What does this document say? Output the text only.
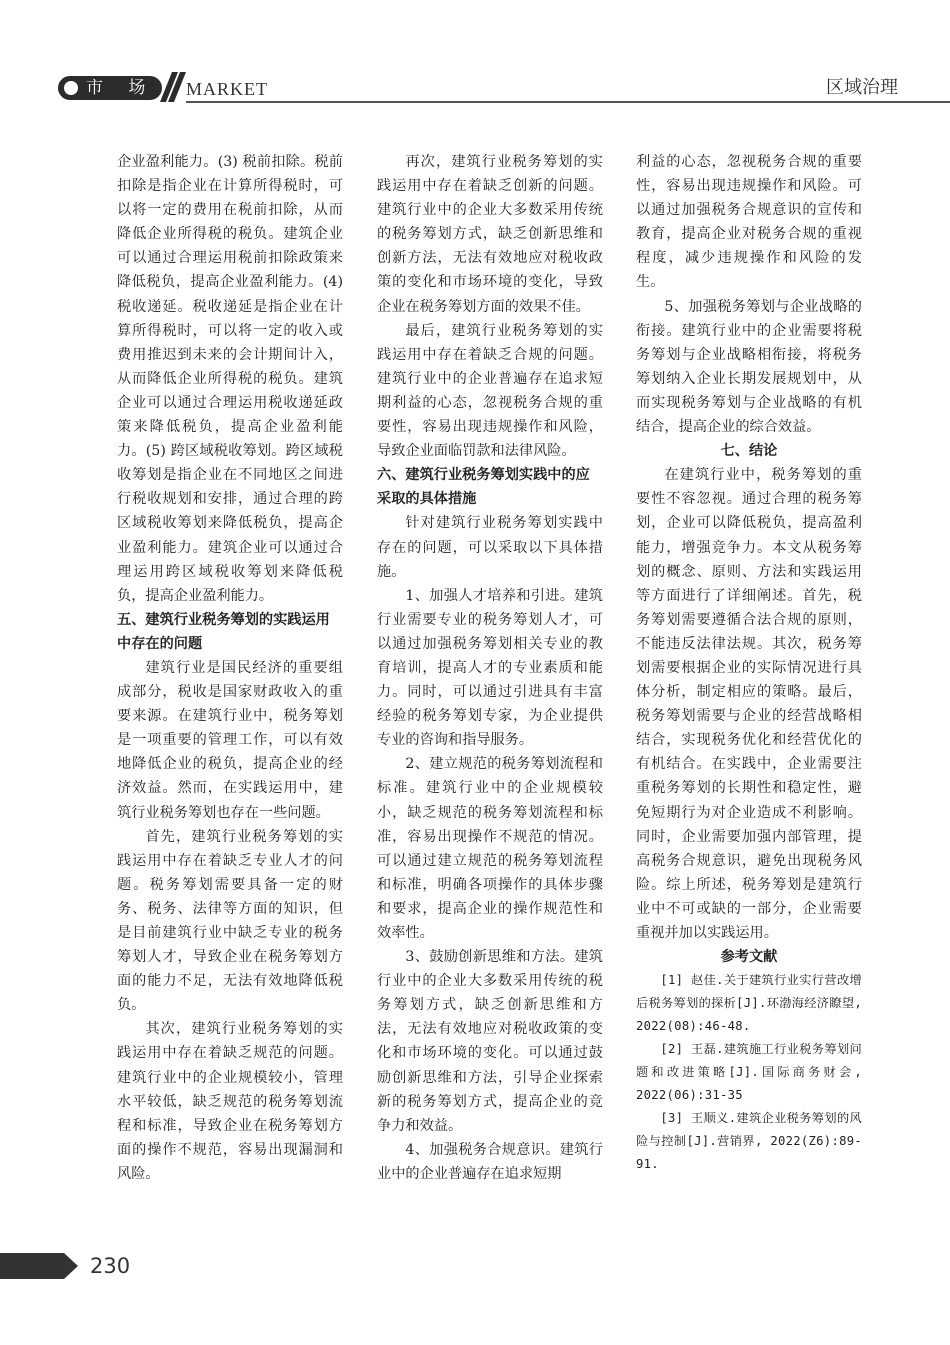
市 场 MARKET	区域治理

企业盈利能力。(3) 税前扣除。税前扣除是指企业在计算所得税时，可以将一定的费用在税前扣除，从而降低企业所得税的税负。建筑企业可以通过合理运用税前扣除政策来降低税负，提高企业盈利能力。(4) 税收递延。税收递延是指企业在计算所得税时，可以将一定的收入或费用推迟到未来的会计期间计入，从而降低企业所得税的税负。建筑企业可以通过合理运用税收递延政策来降低税负，提高企业盈利能力。(5) 跨区域税收筹划。跨区域税收筹划是指企业在不同地区之间进行税收规划和安排，通过合理的跨区域税收筹划来降低税负，提高企业盈利能力。建筑企业可以通过合理运用跨区域税收筹划来降低税负，提高企业盈利能力。

五、建筑行业税务筹划的实践运用中存在的问题

建筑行业是国民经济的重要组成部分，税收是国家财政收入的重要来源。在建筑行业中，税务筹划是一项重要的管理工作，可以有效地降低企业的税负，提高企业的经济效益。然而，在实践运用中，建筑行业税务筹划也存在一些问题。

首先，建筑行业税务筹划的实践运用中存在着缺乏专业人才的问题。税务筹划需要具备一定的财务、税务、法律等方面的知识，但是目前建筑行业中缺乏专业的税务筹划人才，导致企业在税务筹划方面的能力不足，无法有效地降低税负。

其次，建筑行业税务筹划的实践运用中存在着缺乏规范的问题。建筑行业中的企业规模较小，管理水平较低，缺乏规范的税务筹划流程和标准，导致企业在税务筹划方面的操作不规范，容易出现漏洞和风险。

再次，建筑行业税务筹划的实践运用中存在着缺乏创新的问题。建筑行业中的企业大多数采用传统的税务筹划方式，缺乏创新思维和创新方法，无法有效地应对税收政策的变化和市场环境的变化，导致企业在税务筹划方面的效果不佳。

最后，建筑行业税务筹划的实践运用中存在着缺乏合规的问题。建筑行业中的企业普遍存在追求短期利益的心态，忽视税务合规的重要性，容易出现违规操作和风险，导致企业面临罚款和法律风险。

六、建筑行业税务筹划实践中的应采取的具体措施

针对建筑行业税务筹划实践中存在的问题，可以采取以下具体措施。

1、加强人才培养和引进。建筑行业需要专业的税务筹划人才，可以通过加强税务筹划相关专业的教育培训，提高人才的专业素质和能力。同时，可以通过引进具有丰富经验的税务筹划专家，为企业提供专业的咨询和指导服务。

2、建立规范的税务筹划流程和标准。建筑行业中的企业规模较小，缺乏规范的税务筹划流程和标准，容易出现操作不规范的情况。可以通过建立规范的税务筹划流程和标准，明确各项操作的具体步骤和要求，提高企业的操作规范性和效率性。

3、鼓励创新思维和方法。建筑行业中的企业大多数采用传统的税务筹划方式，缺乏创新思维和方法，无法有效地应对税收政策的变化和市场环境的变化。可以通过鼓励创新思维和方法，引导企业探索新的税务筹划方式，提高企业的竞争力和效益。

4、加强税务合规意识。建筑行业中的企业普遍存在追求短期

利益的心态，忽视税务合规的重要性，容易出现违规操作和风险。可以通过加强税务合规意识的宣传和教育，提高企业对税务合规的重视程度，减少违规操作和风险的发生。

5、加强税务筹划与企业战略的衔接。建筑行业中的企业需要将税务筹划与企业战略相衔接，将税务筹划纳入企业长期发展规划中，从而实现税务筹划与企业战略的有机结合，提高企业的综合效益。

七、结论

在建筑行业中，税务筹划的重要性不容忽视。通过合理的税务筹划，企业可以降低税负，提高盈利能力，增强竞争力。本文从税务筹划的概念、原则、方法和实践运用等方面进行了详细阐述。首先，税务筹划需要遵循合法合规的原则，不能违反法律法规。其次，税务筹划需要根据企业的实际情况进行具体分析，制定相应的策略。最后，税务筹划需要与企业的经营战略相结合，实现税务优化和经营优化的有机结合。在实践中，企业需要注重税务筹划的长期性和稳定性，避免短期行为对企业造成不利影响。同时，企业需要加强内部管理，提高税务合规意识，避免出现税务风险。综上所述，税务筹划是建筑行业中不可或缺的一部分，企业需要重视并加以实践运用。

参考文献

[1] 赵佳.关于建筑行业实行营改增后税务筹划的探析[J].环渤海经济瞭望, 2022(08):46-48.

[2] 王磊.建筑施工行业税务筹划问题和改进策略[J].国际商务财会, 2022(06):31-35

[3] 王顺义.建筑企业税务筹划的风险与控制[J].营销界, 2022(Z6):89-91.

230
